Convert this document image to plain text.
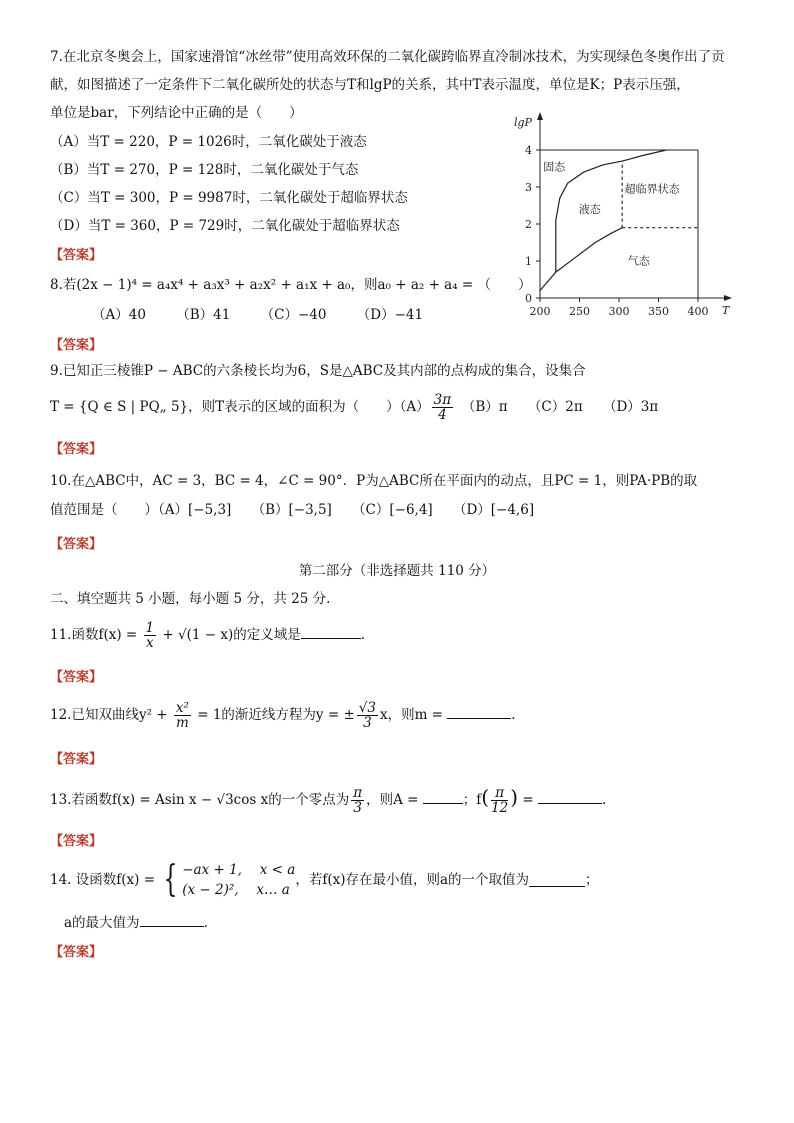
7.在北京冬奥会上，国家速滑馆“冰丝带”使用高效环保的二氧化碳跨临界直冷制冰技术，为实现绿色冬奥作出了贡
献，如图描述了一定条件下二氧化碳所处的状态与T和lgP的关系，其中T表示温度，单位是K；P表示压强，
单位是bar，下列结论中正确的是（　　）
（A）当T = 220，P = 1026时，二氧化碳处于液态
（B）当T = 270，P = 128时，二氧化碳处于气态
（C）当T = 300，P = 9987时，二氧化碳处于超临界状态
（D）当T = 360，P = 729时，二氧化碳处于超临界状态
【答案】
200 250 300 350 400
0
1
2
3
4
lgP
T
固态
液态
超临界状态
气态
8.若(2x − 1)⁴ = a₄x⁴ + a₃x³ + a₂x² + a₁x + a₀，则a₀ + a₂ + a₄ = （　　）
（A）40 （B）41 （C）−40 （D）−41
【答案】
9.已知正三棱锥P − ABC的六条棱长均为6，S是△ABC及其内部的点构成的集合，设集合
T = {Q ∈ S | PQ„ 5}，则T表示的区域的面积为（　　）$(A) \frac{3\pi}{4}$
　 （B）π　　（C）2π　　（D）3π
【答案】
10.在△ABC中，AC = 3，BC = 4，∠C = 90°．P为△ABC所在平面内的动点，且PC = 1，则PA·PB的取
值范围是（　　）（A）[−5,3]　　（B）[−3,5]　　（C）[−6,4]　　（D）[−4,6]
【答案】
第二部分（非选择题共 110 分）
二、填空题共 5 小题，每小题 5 分，共 25 分.
11.函数$f(x) = \frac{1}{x} + √(1 - x)$的定义域是	.
【答案】
12.已知双曲线$y^2 + \frac{\text{x²}}{m} = 1$的渐近线方程为y = ± $\frac{√3}{3}$ x，则m =	.
【答案】
13.若函数f(x) = Asin x − √3cos x的一个零点为 $\frac{\pi}{3}$ ，则A =	；$f( \frac{\pi}{12}$ ) =	.
【答案】
14. 设函数f(x) = { −ax + 1,　 x < a
(x − 2)²,　 x… a
，若f(x)存在最小值，则a的一个取值为	；
a的最大值为	.
【答案】
